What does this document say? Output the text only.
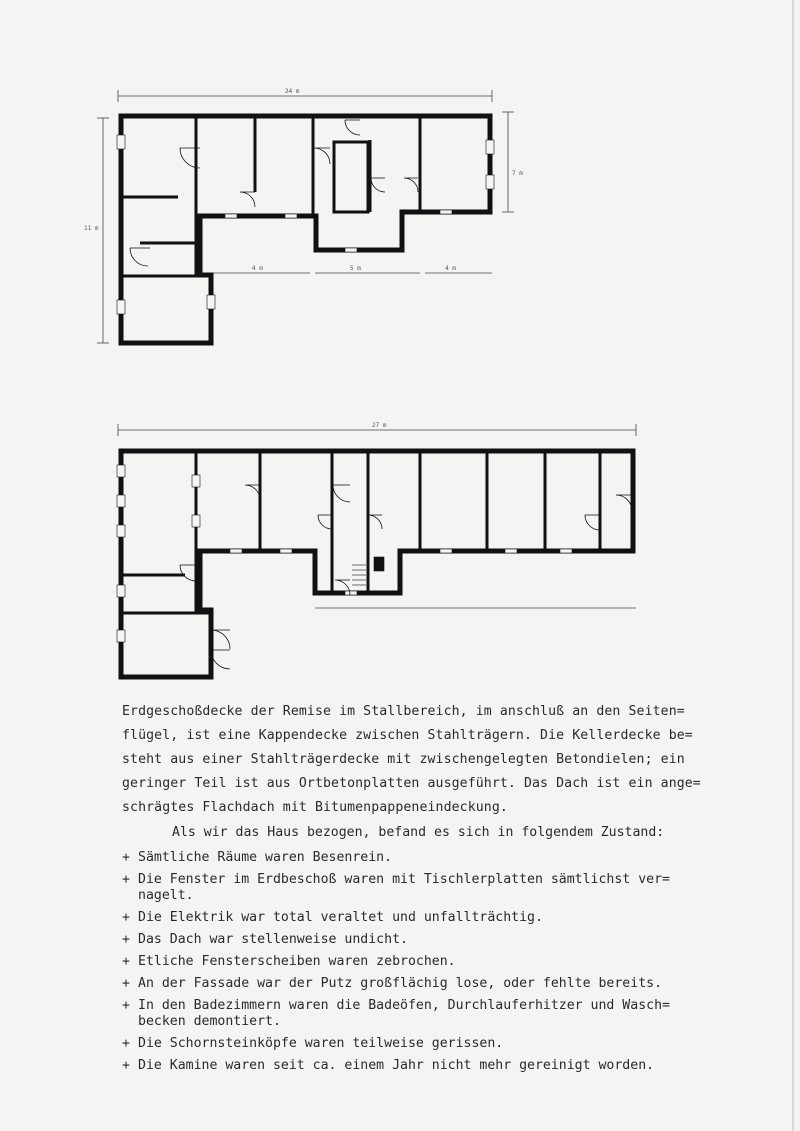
24 m
11 m
7 m
4 m	5 m	4 m
27 m

Erdgeschoßdecke der Remise im Stallbereich, im anschluß an den Seiten=

flügel, ist eine Kappendecke zwischen Stahlträgern. Die Kellerdecke be=

steht aus einer Stahlträgerdecke mit zwischengelegten Betondielen; ein

geringer Teil ist aus Ortbetonplatten ausgeführt. Das Dach ist ein ange=

schrägtes Flachdach mit Bitumenpappeneindeckung.

Als wir das Haus bezogen, befand es sich in folgendem Zustand:
+ Sämtliche Räume waren Besenrein.
+ Die Fenster im Erdbeschoß waren mit Tischlerplatten sämtlichst ver=
nagelt.
+ Die Elektrik war total veraltet und unfallträchtig.
+ Das Dach war stellenweise undicht.
+ Etliche Fensterscheiben waren zebrochen.
+ An der Fassade war der Putz großflächig lose, oder fehlte bereits.
+ In den Badezimmern waren die Badeöfen, Durchlauferhitzer und Wasch=
becken demontiert.
+ Die Schornsteinköpfe waren teilweise gerissen.
+ Die Kamine waren seit ca. einem Jahr nicht mehr gereinigt worden.
